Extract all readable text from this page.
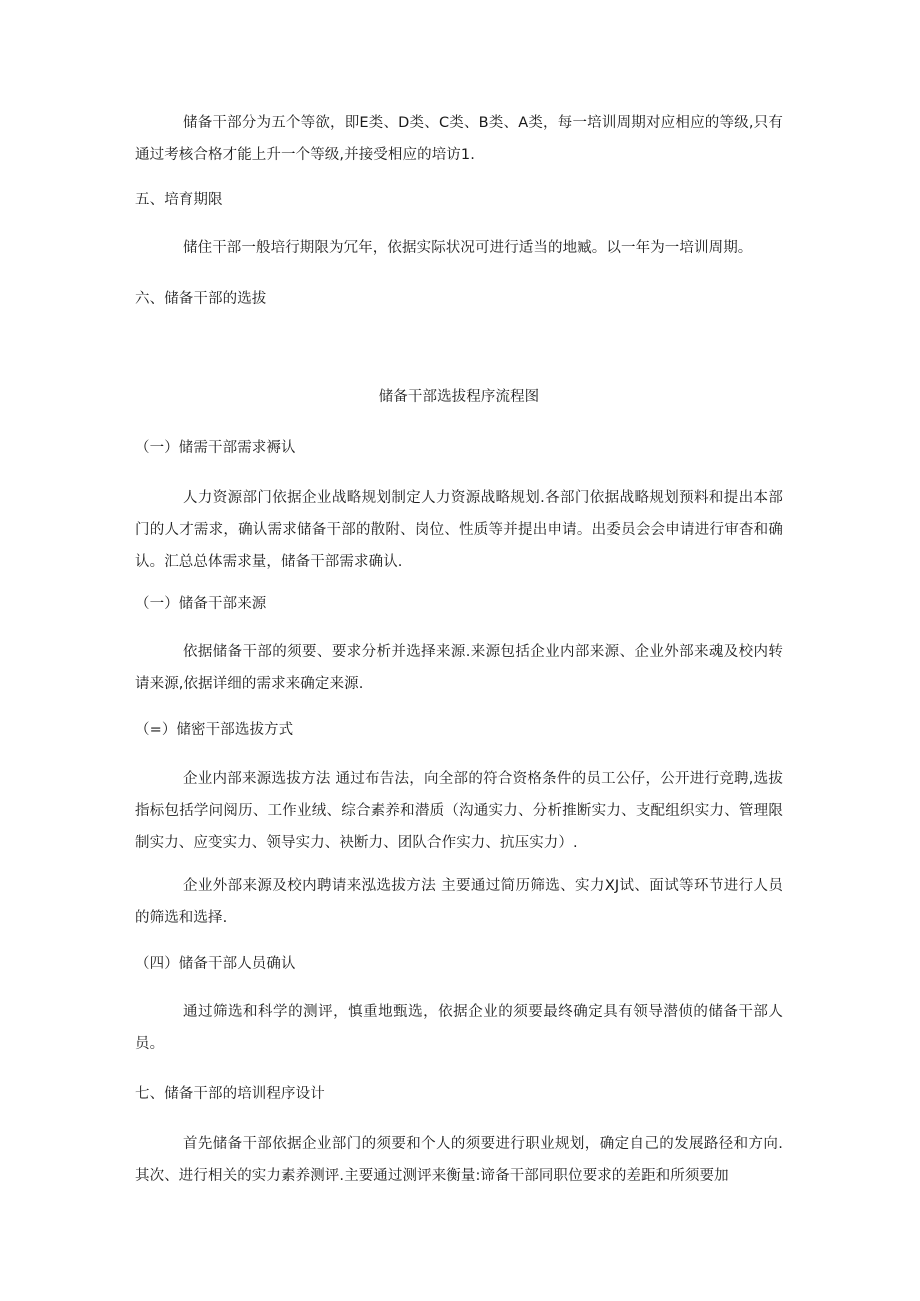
储备干部分为五个等欲，即E类、D类、C类、B类、A类，每一培训周期对应相应的等级,只有通过考核合格才能上升一个等级,并接受相应的培访1.

五、培育期限

储住干部一般培行期限为冗年，依据实际状况可进行适当的地臧。以一年为一培训周期。

六、储备干部的选拔

储备干部选拔程序流程图

（一）储需干部需求褥认

人力资源部门依据企业战略规划制定人力资源战略规划.各部门依据战略规划预料和提出本部门的人才需求，确认需求储备干部的散附、岗位、性质等并提出申请。出委员会会申请进行审杳和确认。汇总总体需求量，储备干部需求确认.

（一）储备干部来源

依据储备干部的须要、要求分析并选择来源.来源包括企业内部来源、企业外部来魂及校内转请来源,依据详细的需求来确定来源.

（=）储密干部选拔方式

企业内部来源选拔方法 通过布告法，向全部的符合资格条件的员工公仔，公开进行竞聘,选拔指标包括学问阅历、工作业绒、综合素养和潜质（沟通实力、分析推断实力、支配组织实力、管理限制实力、应变实力、领导实力、袂断力、团队合作实力、抗压实力）.

企业外部来源及校内聘请来泓选拔方法 主要通过简历筛选、实力XJ试、面试等环节进行人员的筛选和选择.

（四）储备干部人员确认

通过筛选和科学的测评，慎重地甄选，依据企业的须要最终确定具有领导潜侦的储备干部人员。

七、储备干部的培训程序设计

首先储备干部依据企业部门的须要和个人的须要进行职业规划，确定自己的发展路径和方向.其次、进行相关的实力素养测评.主要通过测评来衡量:谛备干部同职位要求的差距和所须要加
